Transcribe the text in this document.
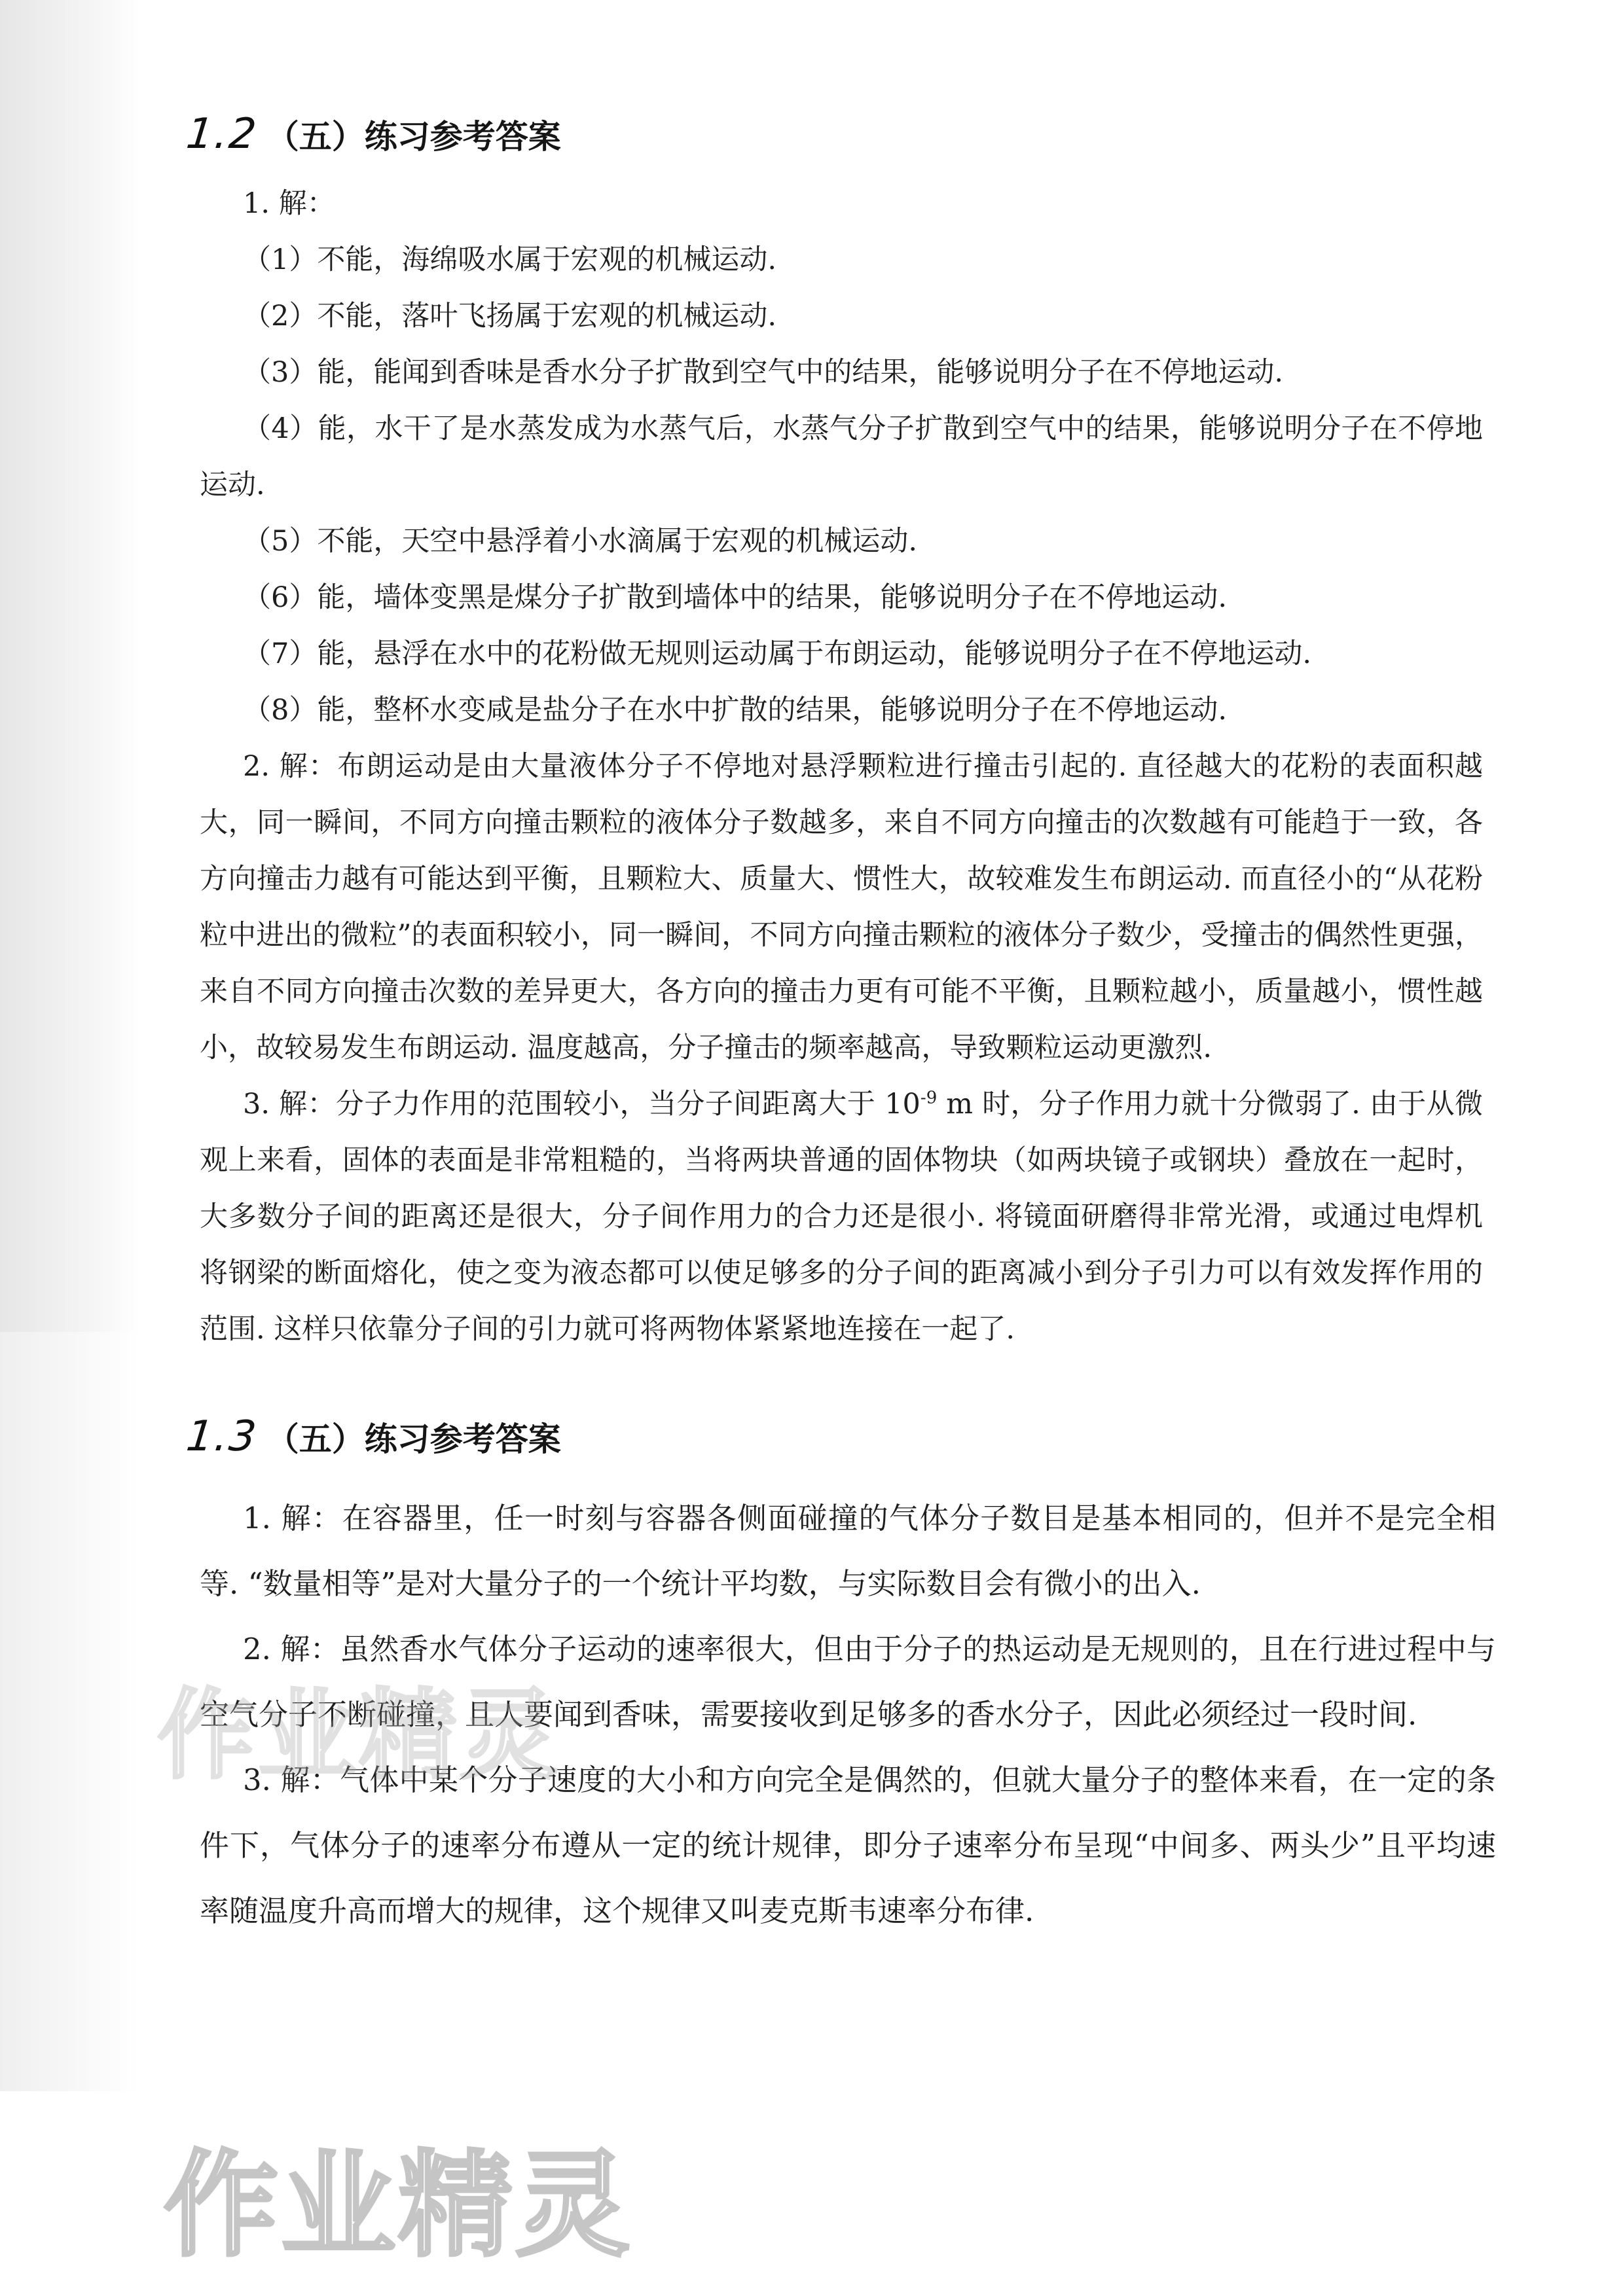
1.2 （五）练习参考答案

1. 解：

（1）不能，海绵吸水属于宏观的机械运动.

（2）不能，落叶飞扬属于宏观的机械运动.

（3）能，能闻到香味是香水分子扩散到空气中的结果，能够说明分子在不停地运动.

（4）能，水干了是水蒸发成为水蒸气后，水蒸气分子扩散到空气中的结果，能够说明分子在不停地运动.

（5）不能，天空中悬浮着小水滴属于宏观的机械运动.

（6）能，墙体变黑是煤分子扩散到墙体中的结果，能够说明分子在不停地运动.

（7）能，悬浮在水中的花粉做无规则运动属于布朗运动，能够说明分子在不停地运动.

（8）能，整杯水变咸是盐分子在水中扩散的结果，能够说明分子在不停地运动.

2. 解：布朗运动是由大量液体分子不停地对悬浮颗粒进行撞击引起的. 直径越大的花粉的表面积越大，同一瞬间，不同方向撞击颗粒的液体分子数越多，来自不同方向撞击的次数越有可能趋于一致，各方向撞击力越有可能达到平衡，且颗粒大、质量大、惯性大，故较难发生布朗运动. 而直径小的“从花粉粒中进出的微粒”的表面积较小，同一瞬间，不同方向撞击颗粒的液体分子数少，受撞击的偶然性更强，来自不同方向撞击次数的差异更大，各方向的撞击力更有可能不平衡，且颗粒越小，质量越小，惯性越小，故较易发生布朗运动. 温度越高，分子撞击的频率越高，导致颗粒运动更激烈.

3. 解：分子力作用的范围较小，当分子间距离大于 $10^{-9}$ m 时，分子作用力就十分微弱了. 由于从微观上来看，固体的表面是非常粗糙的，当将两块普通的固体物块（如两块镜子或钢块）叠放在一起时，大多数分子间的距离还是很大，分子间作用力的合力还是很小. 将镜面研磨得非常光滑，或通过电焊机将钢梁的断面熔化，使之变为液态都可以使足够多的分子间的距离减小到分子引力可以有效发挥作用的范围. 这样只依靠分子间的引力就可将两物体紧紧地连接在一起了.

1.3 （五）练习参考答案

1. 解：在容器里，任一时刻与容器各侧面碰撞的气体分子数目是基本相同的，但并不是完全相等. “数量相等”是对大量分子的一个统计平均数，与实际数目会有微小的出入.

2. 解：虽然香水气体分子运动的速率很大，但由于分子的热运动是无规则的，且在行进过程中与空气分子不断碰撞，且人要闻到香味，需要接收到足够多的香水分子，因此必须经过一段时间.

3. 解：气体中某个分子速度的大小和方向完全是偶然的，但就大量分子的整体来看，在一定的条件下，气体分子的速率分布遵从一定的统计规律，即分子速率分布呈现“中间多、两头少”且平均速率随温度升高而增大的规律，这个规律又叫麦克斯韦速率分布律.

作业精灵
作业精灵
